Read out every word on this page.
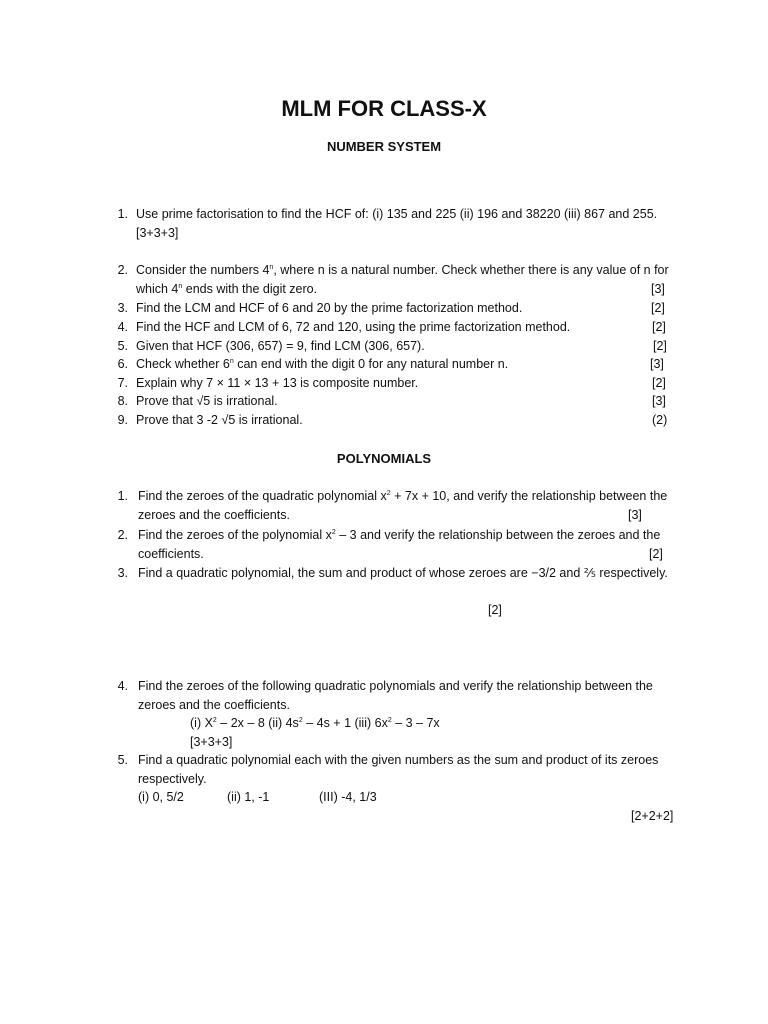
MLM FOR CLASS-X
NUMBER SYSTEM
1. Use prime factorisation to find the HCF of: (i) 135 and 225 (ii) 196 and 38220 (iii) 867 and 255.
[3+3+3]
2. Consider the numbers 4$^n$, where n is a natural number. Check whether there is any value of n for
which 4$^n$ ends with the digit zero.	[3]
3. Find the LCM and HCF of 6 and 20 by the prime factorization method.	[2]
4. Find the HCF and LCM of 6, 72 and 120, using the prime factorization method.	[2]
5. Given that HCF (306, 657) = 9, find LCM (306, 657).	[2]
6. Check whether 6$^n$ can end with the digit 0 for any natural number n.	[3]
7. Explain why 7 × 11 × 13 + 13 is composite number.	[2]
8. Prove that √5 is irrational.	[3]
9. Prove that 3 -2 √5 is irrational.	(2)
POLYNOMIALS
1. Find the zeroes of the quadratic polynomial $x^2 + 7x + 10$, and verify the relationship between the
zeroes and the coefficients.	[3]
2. Find the zeroes of the polynomial $x^2 - 3$ and verify the relationship between the zeroes and the
coefficients.	[2]
3. Find a quadratic polynomial, the sum and product of whose zeroes are −3/2 and ⅖ respectively.
[2]
4. Find the zeroes of the following quadratic polynomials and verify the relationship between the
zeroes and the coefficients.
(i) $X^2 - 2x - 8$ (ii) $4s^2 - 4s + 1$ (iii) $6x^2 - 3 - 7x$
[3+3+3]
5. Find a quadratic polynomial each with the given numbers as the sum and product of its zeroes
respectively.
(i) 0, 5/2	(ii) 1, -1	(III) -4, 1/3
[2+2+2]
